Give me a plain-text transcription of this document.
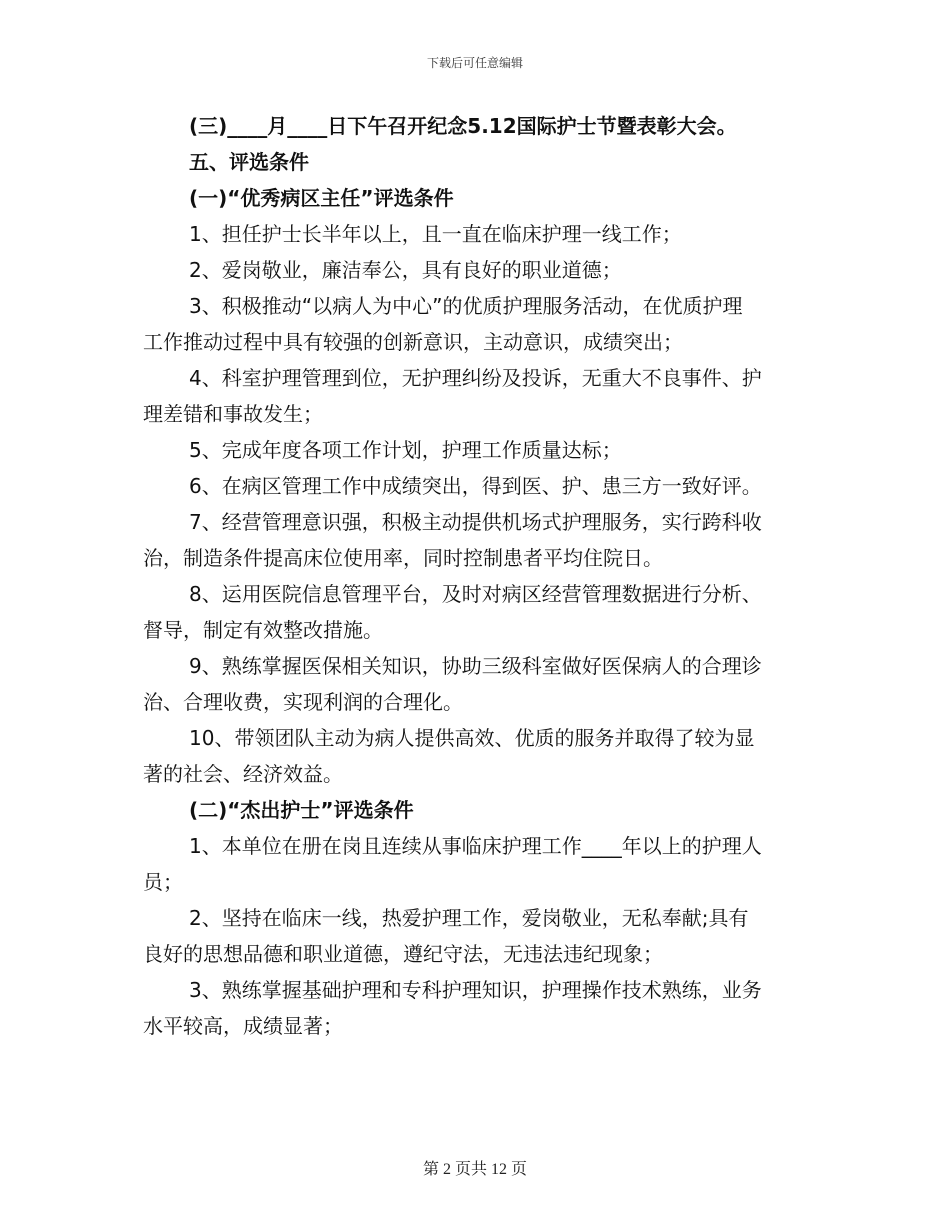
下载后可任意编辑
(三)____月____日下午召开纪念5.12国际护士节暨表彰大会。
五、评选条件
(一)“优秀病区主任”评选条件
1、担任护士长半年以上，且一直在临床护理一线工作；
2、爱岗敬业，廉洁奉公，具有良好的职业道德；
3、积极推动“以病人为中心”的优质护理服务活动，在优质护理
工作推动过程中具有较强的创新意识，主动意识，成绩突出；
4、科室护理管理到位，无护理纠纷及投诉，无重大不良事件、护
理差错和事故发生；
5、完成年度各项工作计划，护理工作质量达标；
6、在病区管理工作中成绩突出，得到医、护、患三方一致好评。
7、经营管理意识强，积极主动提供机场式护理服务，实行跨科收
治，制造条件提高床位使用率，同时控制患者平均住院日。
8、运用医院信息管理平台，及时对病区经营管理数据进行分析、
督导，制定有效整改措施。
9、熟练掌握医保相关知识，协助三级科室做好医保病人的合理诊
治、合理收费，实现利润的合理化。
10、带领团队主动为病人提供高效、优质的服务并取得了较为显
著的社会、经济效益。
(二)“杰出护士”评选条件
1、本单位在册在岗且连续从事临床护理工作____年以上的护理人
员；
2、坚持在临床一线，热爱护理工作，爱岗敬业，无私奉献;具有
良好的思想品德和职业道德，遵纪守法，无违法违纪现象；
3、熟练掌握基础护理和专科护理知识，护理操作技术熟练，业务
水平较高，成绩显著；
第 2 页共 12 页
